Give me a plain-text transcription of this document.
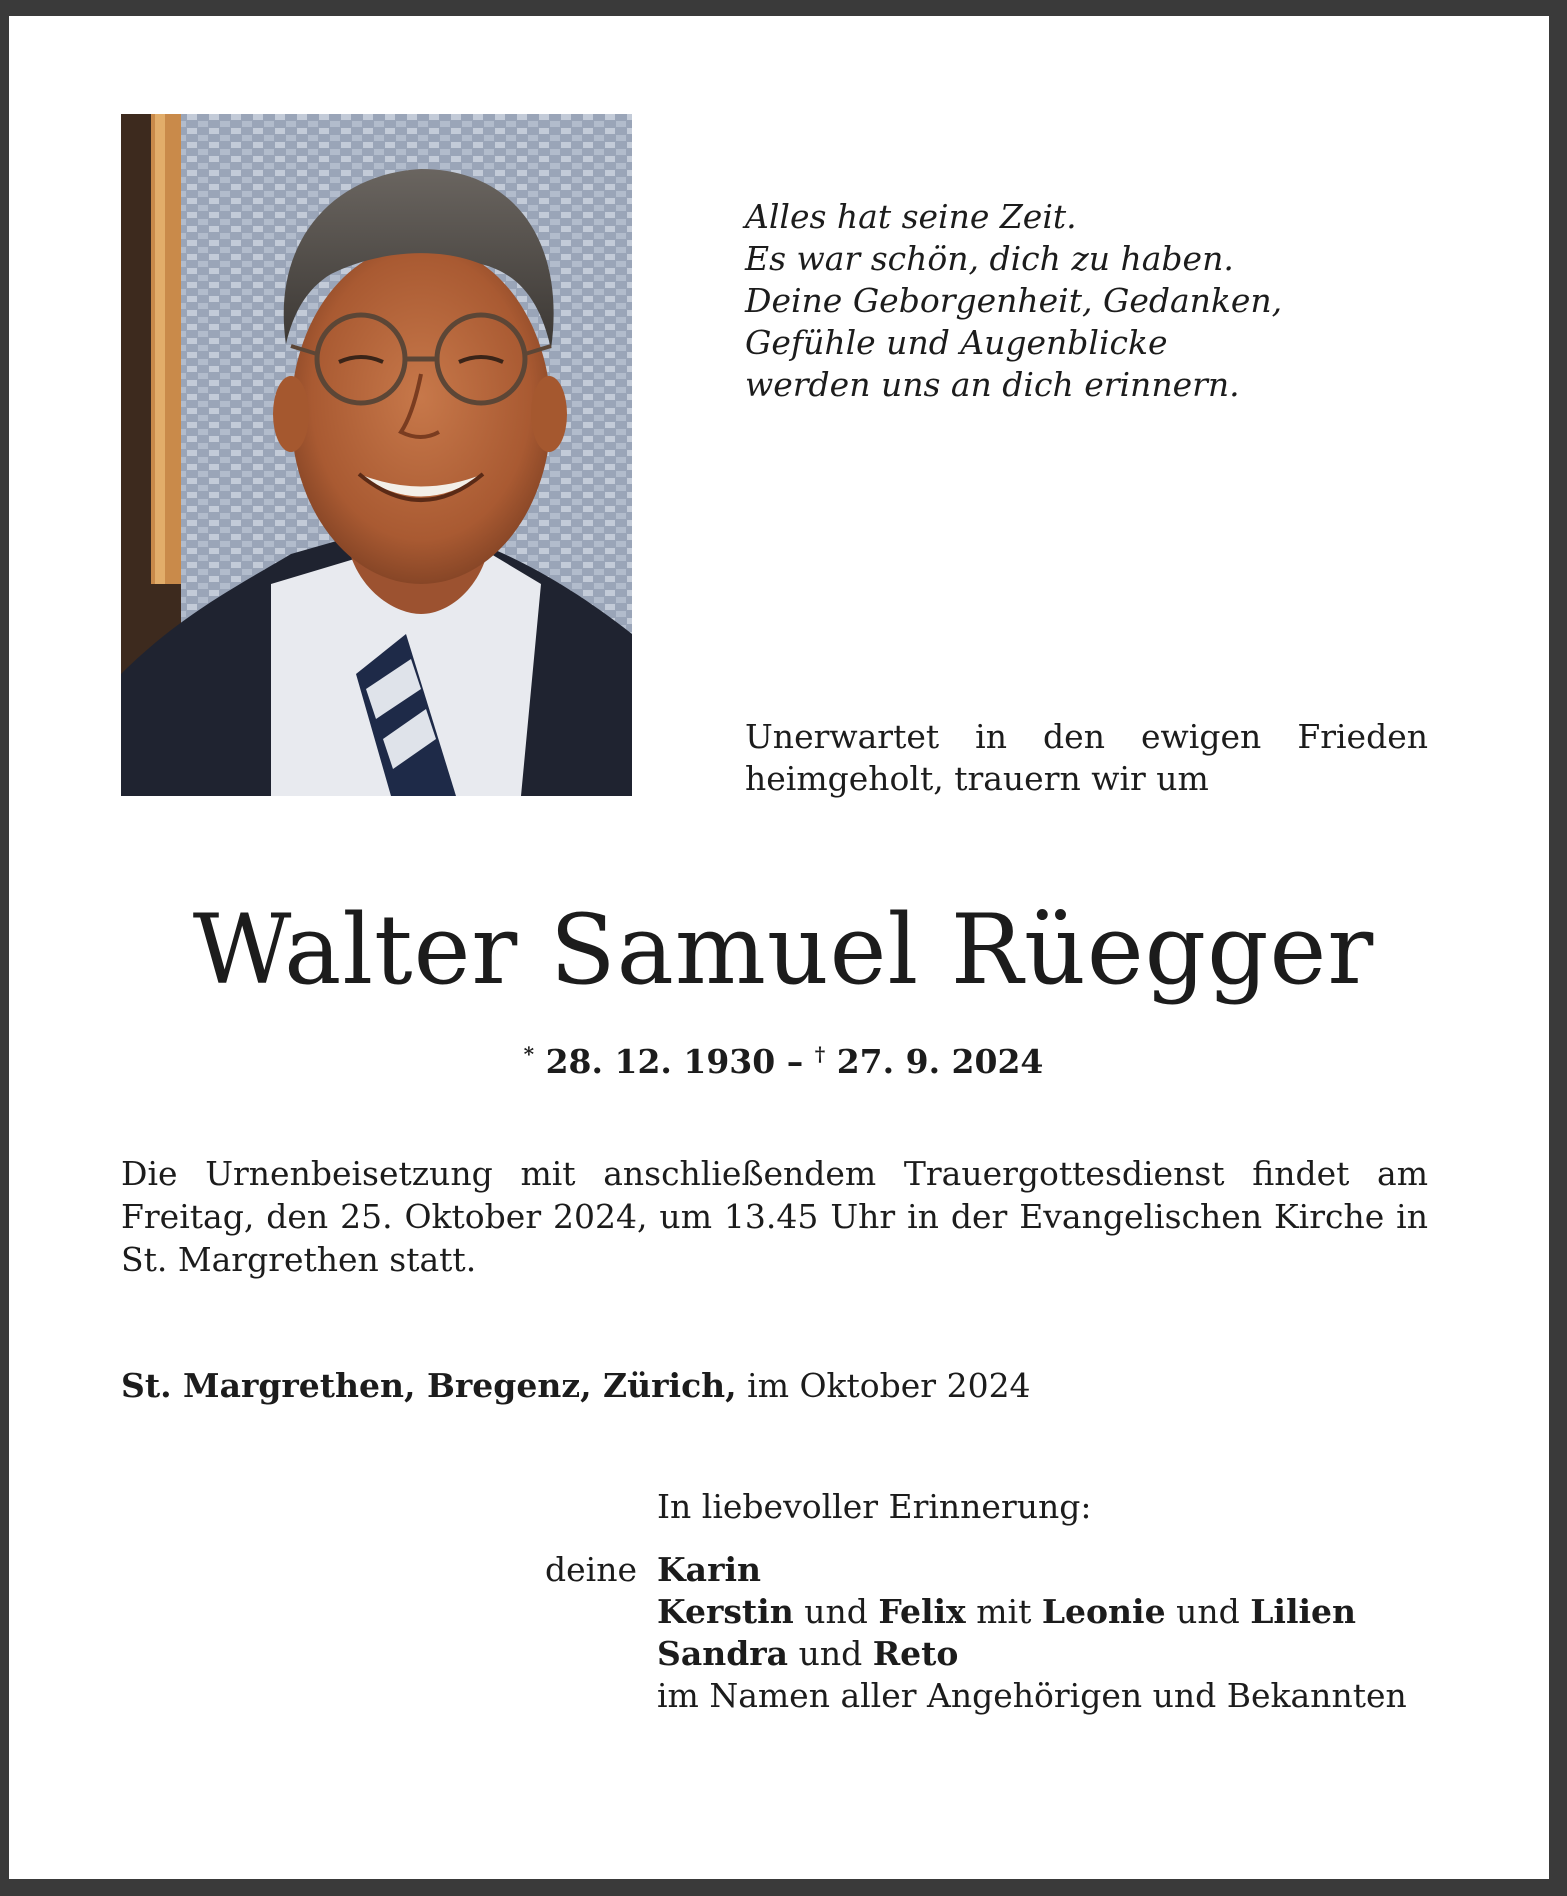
Alles hat seine Zeit.
Es war schön, dich zu haben.
Deine Geborgenheit, Gedanken,
Gefühle und Augenblicke
werden uns an dich erinnern.
Unerwartet in den ewigen Frieden
heimgeholt, trauern wir um
Walter Samuel Rüegger
* 28. 12. 1930 – † 27. 9. 2024
Die Urnenbeisetzung mit anschließendem Trauergottesdienst findet am
Freitag, den 25. Oktober 2024, um 13.45 Uhr in der Evangelischen Kirche in
St. Margrethen statt.
St. Margrethen, Bregenz, Zürich, im Oktober 2024
In liebevoller Erinnerung:
deine Karin
Kerstin und Felix mit Leonie und Lilien
Sandra und Reto
im Namen aller Angehörigen und Bekannten
